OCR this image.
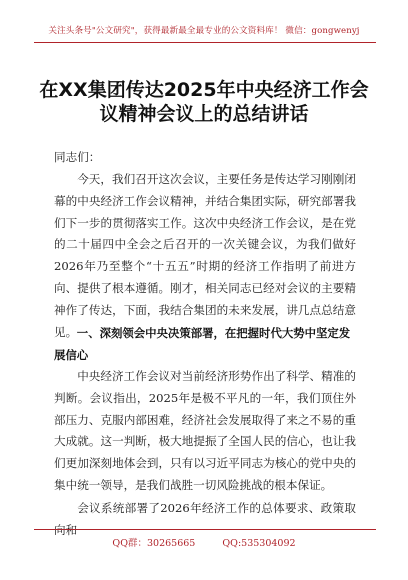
关注头条号"公文研究"，获得最新最全最专业的公文资料库！ 微信：gongwenyj
在XX集团传达2025年中央经济工作会议精神会议上的总结讲话
同志们：
今天，我们召开这次会议，主要任务是传达学习刚刚闭幕的中央经济工作会议精神，并结合集团实际，研究部署我们下一步的贯彻落实工作。这次中央经济工作会议，是在党的二十届四中全会之后召开的一次关键会议，为我们做好2026年乃至整个“十五五”时期的经济工作指明了前进方向、提供了根本遵循。刚才，相关同志已经对会议的主要精神作了传达，下面，我结合集团的未来发展，讲几点总结意见。 一、深刻领会中央决策部署，在把握时代大势中坚定发展信心
中央经济工作会议对当前经济形势作出了科学、精准的判断。会议指出，2025年是极不平凡的一年，我们顶住外部压力、克服内部困难，经济社会发展取得了来之不易的重大成就。这一判断，极大地提振了全国人民的信心，也让我们更加深刻地体会到，只有以习近平同志为核心的党中央的集中统一领导，是我们战胜一切风险挑战的根本保证。
会议系统部署了2026年经济工作的总体要求、政策取向和
QQ群：30265665	QQ:535304092
